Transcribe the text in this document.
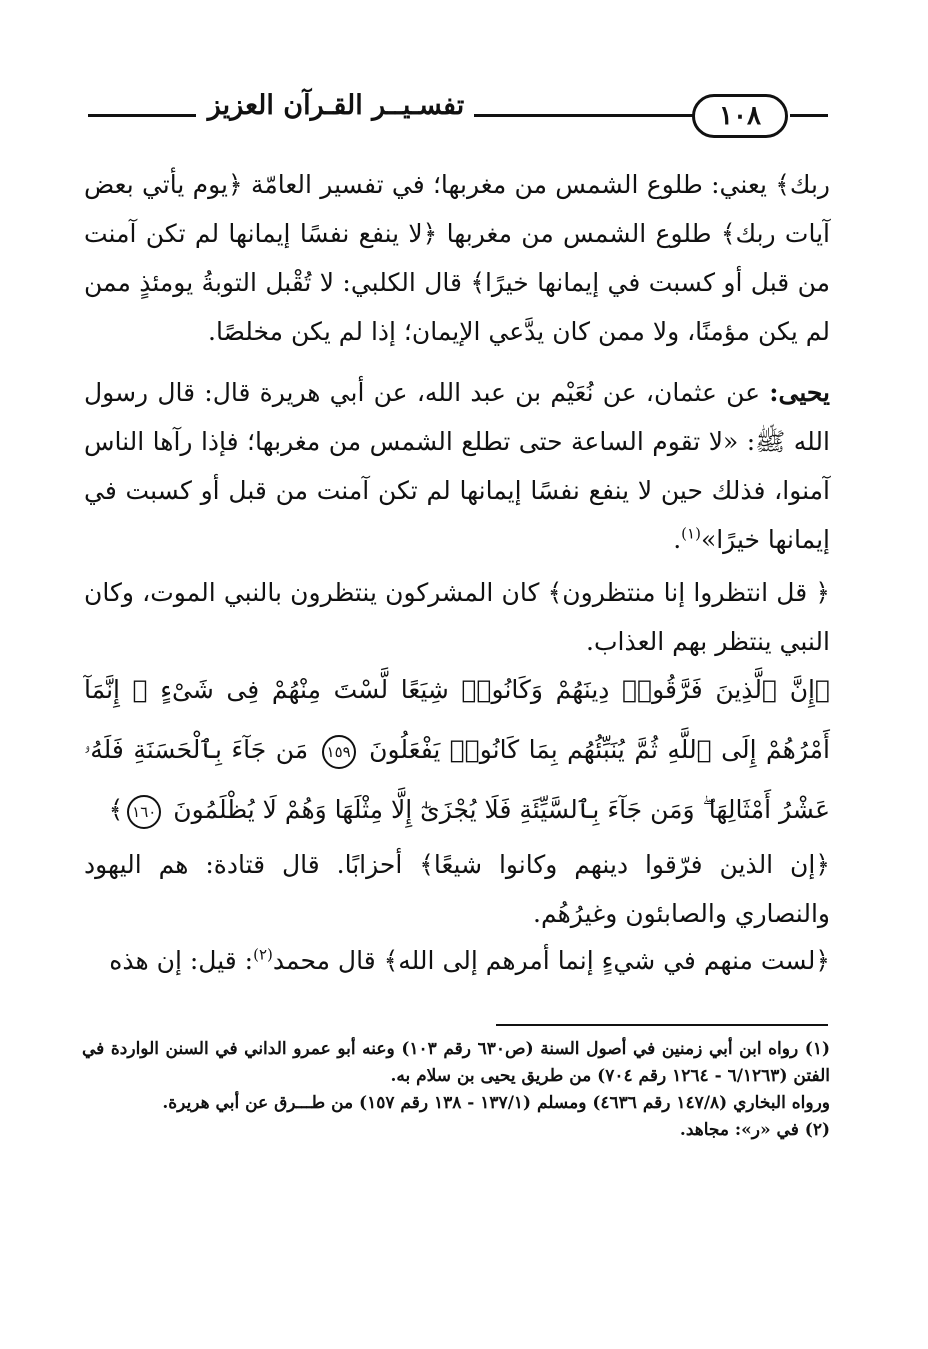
تفسـيــر القـرآن العزيز	١٠٨

ربك﴾ يعني: طلوع الشمس من مغربها؛ في تفسير العامّة ﴿يوم يأتي بعض آيات ربك﴾ طلوع الشمس من مغربها ﴿لا ينفع نفسًا إيمانها لم تكن آمنت من قبل أو كسبت في إيمانها خيرًا﴾ قال الكلبي: لا تُقْبل التوبةُ يومئذٍ ممن لم يكن مؤمنًا، ولا ممن كان يدَّعي الإيمان؛ إذا لم يكن مخلصًا.

يحيى: عن عثمان، عن نُعَيْم بن عبد الله، عن أبي هريرة قال: قال رسول الله ﷺ: «لا تقوم الساعة حتى تطلع الشمس من مغربها؛ فإذا رآها الناس آمنوا، فذلك حين لا ينفع نفسًا إيمانها لم تكن آمنت من قبل أو كسبت في إيمانها خيرًا»$^{(١)}$.

﴿ قل انتظروا إنا منتظرون﴾ كان المشركون ينتظرون بالنبي الموت، وكان النبي ينتظر بهم العذاب.

﴿إِنَّ ٱلَّذِينَ فَرَّقُوا۟ دِينَهُمْ وَكَانُوا۟ شِيَعًا لَّسْتَ مِنْهُمْ فِى شَىْءٍ ۚ إِنَّمَآ أَمْرُهُمْ إِلَى ٱللَّهِ ثُمَّ يُنَبِّئُهُم بِمَا كَانُوا۟ يَفْعَلُونَ ١٥٩ مَن جَآءَ بِٱلْحَسَنَةِ فَلَهُۥ عَشْرُ أَمْثَالِهَا ۖ وَمَن جَآءَ بِٱلسَّيِّئَةِ فَلَا يُجْزَىٰٓ إِلَّا مِثْلَهَا وَهُمْ لَا يُظْلَمُونَ ١٦٠﴾

﴿إن الذين فرّقوا دينهم وكانوا شيعًا﴾ أحزابًا. قال قتادة: هم اليهود والنصاري والصابئون وغيرُهُم.

﴿لست منهم في شيءٍ إنما أمرهم إلى الله﴾ قال محمد$^{(٢)}$: قيل: إن هذه

(١) رواه ابن أبي زمنين في أصول السنة (ص٦٣٠ رقم ١٠٣) وعنه أبو عمرو الداني في السنن الواردة في الفتن (٦/١٢٦٣ - ١٢٦٤ رقم ٧٠٤) من طريق يحيى بن سلام به.

ورواه البخاري (١٤٧/٨ رقم ٤٦٣٦) ومسلم (١٣٧/١ - ١٣٨ رقم ١٥٧) من طـــرق عن أبي هريرة.

(٢) في «ر»: مجاهد.
